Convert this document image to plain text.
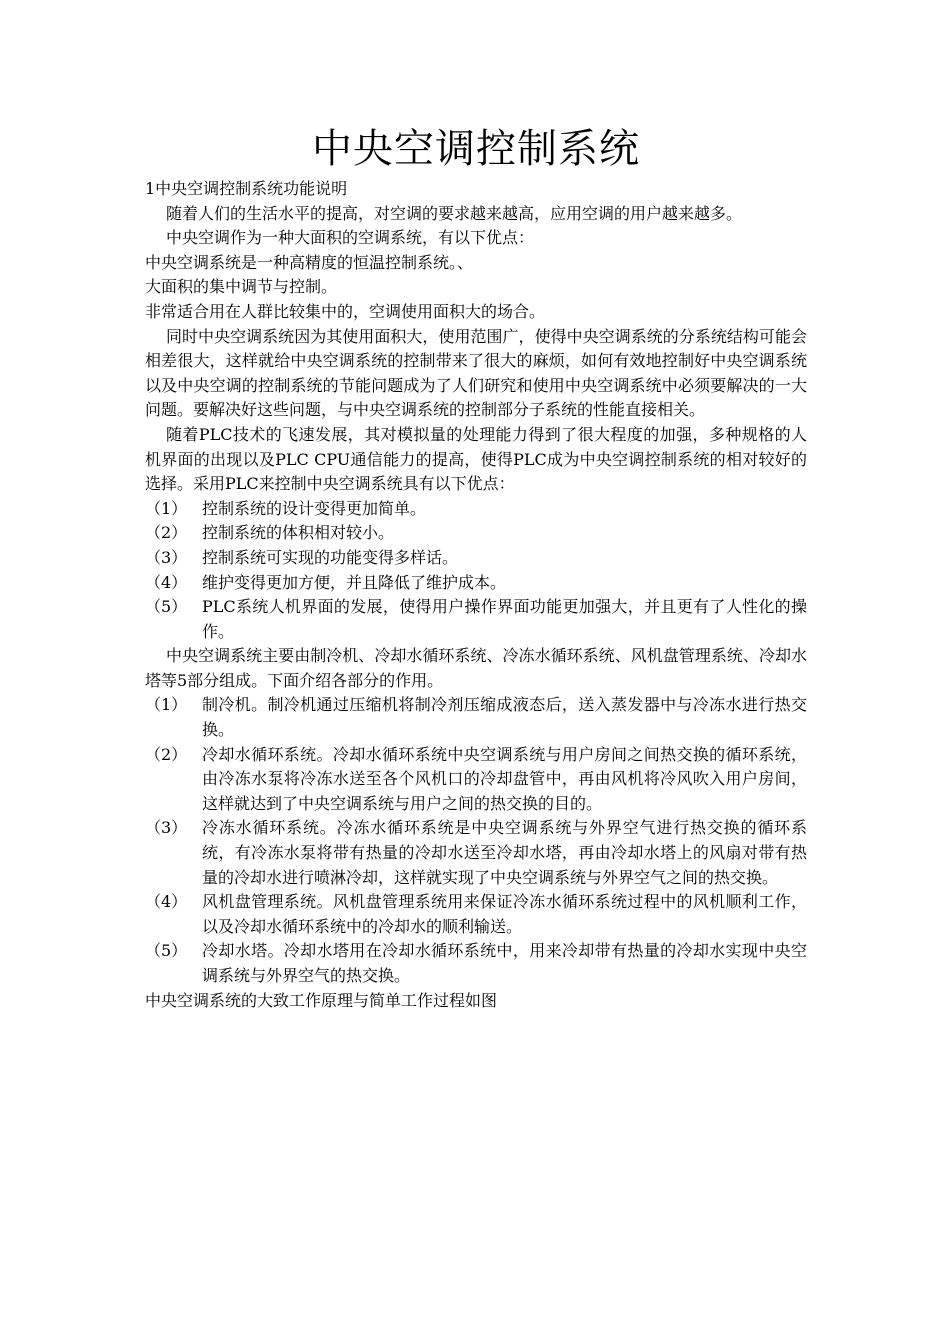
中央空调控制系统

1中央空调控制系统功能说明

随着人们的生活水平的提高，对空调的要求越来越高，应用空调的用户越来越多。

中央空调作为一种大面积的空调系统，有以下优点：

中央空调系统是一种高精度的恒温控制系统。、

大面积的集中调节与控制。

非常适合用在人群比较集中的，空调使用面积大的场合。

同时中央空调系统因为其使用面积大，使用范围广，使得中央空调系统的分系统结构可能会相差很大，这样就给中央空调系统的控制带来了很大的麻烦，如何有效地控制好中央空调系统以及中央空调的控制系统的节能问题成为了人们研究和使用中央空调系统中必须要解决的一大问题。要解决好这些问题，与中央空调系统的控制部分子系统的性能直接相关。

随着PLC技术的飞速发展，其对模拟量的处理能力得到了很大程度的加强，多种规格的人机界面的出现以及PLC CPU通信能力的提高，使得PLC成为中央空调控制系统的相对较好的选择。采用PLC来控制中央空调系统具有以下优点：

（1） 控制系统的设计变得更加简单。
（2） 控制系统的体积相对较小。
（3） 控制系统可实现的功能变得多样话。
（4） 维护变得更加方便，并且降低了维护成本。
（5） PLC系统人机界面的发展，使得用户操作界面功能更加强大，并且更有了人性化的操作。

中央空调系统主要由制冷机、冷却水循环系统、冷冻水循环系统、风机盘管理系统、冷却水塔等5部分组成。下面介绍各部分的作用。

（1） 制冷机。制冷机通过压缩机将制冷剂压缩成液态后，送入蒸发器中与冷冻水进行热交换。
（2） 冷却水循环系统。冷却水循环系统中央空调系统与用户房间之间热交换的循环系统，由冷冻水泵将冷冻水送至各个风机口的冷却盘管中，再由风机将冷风吹入用户房间，这样就达到了中央空调系统与用户之间的热交换的目的。
（3） 冷冻水循环系统。冷冻水循环系统是中央空调系统与外界空气进行热交换的循环系统，有冷冻水泵将带有热量的冷却水送至冷却水塔，再由冷却水塔上的风扇对带有热量的冷却水进行喷淋冷却，这样就实现了中央空调系统与外界空气之间的热交换。
（4） 风机盘管理系统。风机盘管理系统用来保证冷冻水循环系统过程中的风机顺利工作，以及冷却水循环系统中的冷却水的顺利输送。
（5） 冷却水塔。冷却水塔用在冷却水循环系统中，用来冷却带有热量的冷却水实现中央空调系统与外界空气的热交换。

中央空调系统的大致工作原理与简单工作过程如图
